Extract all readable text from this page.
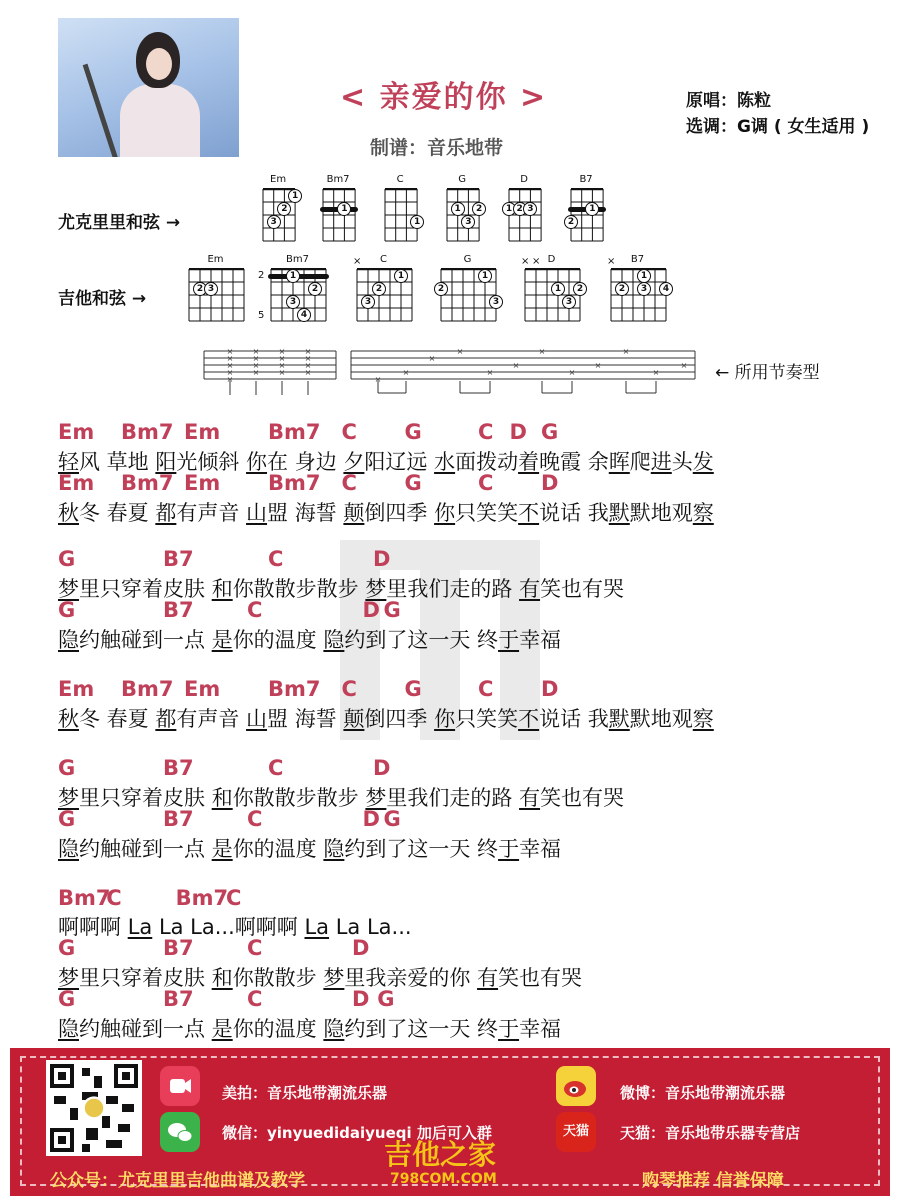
< 亲爱的你 >
制谱：音乐地带
原唱：陈粒
选调：G调 ( 女生适用 )
尤克里里和弦 →
Em
1
2
3
Bm7
1
C
1
G
1	2
3
D
1 2 3
B7
1
2
吉他和弦 →
Em
2 3
Bm7
1
2
3
4
C
1
2
3
×	G
1
2
3
D
2
1
3
× ×	B7
1
2	3	4
×
2
5
×
×
×
×
×
×
×
×
×
×
×
×
×
×
×
×
×
×
×
×
×
×
×
×
×
×
×
×
× ← 所用节奏型
Em Bm7 Em Bm7 C G	C D G
轻风 草地 阳光倾斜 你在 身边 夕阳辽远 水面拨动着晚霞 余晖爬进头发
Em Bm7 Em Bm7 C G	C D
秋冬 春夏 都有声音 山盟 海誓 颠倒四季 你只笑笑不说话 我默默地观察
G	B7	C	D
梦里只穿着皮肤 和你散散步散步 梦里我们走的路 有笑也有哭
G	B7	C	D G
隐约触碰到一点 是你的温度 隐约到了这一天 终于幸福
Em Bm7 Em Bm7 C G	C D
秋冬 春夏 都有声音 山盟 海誓 颠倒四季 你只笑笑不说话 我默默地观察
G	B7	C	D
梦里只穿着皮肤 和你散散步散步 梦里我们走的路 有笑也有哭
G	B7	C	D G
隐约触碰到一点 是你的温度 隐约到了这一天 终于幸福
Bm7
C	Bm7
C
啊啊啊 La La La...啊啊啊 La La La...
G	B7	C	D
梦里只穿着皮肤 和你散散步 梦里我亲爱的你 有笑也有哭
G	B7	C	D G
隐约触碰到一点 是你的温度 隐约到了这一天 终于幸福
美拍：音乐地带潮流乐器
微信：yinyuedidaiyueqi 加后可入群	天猫
微博：音乐地带潮流乐器
天猫：音乐地带乐器专营店
公众号：尤克里里吉他曲谱及教学
吉他之家
798COM.COM	购琴推荐 信誉保障
